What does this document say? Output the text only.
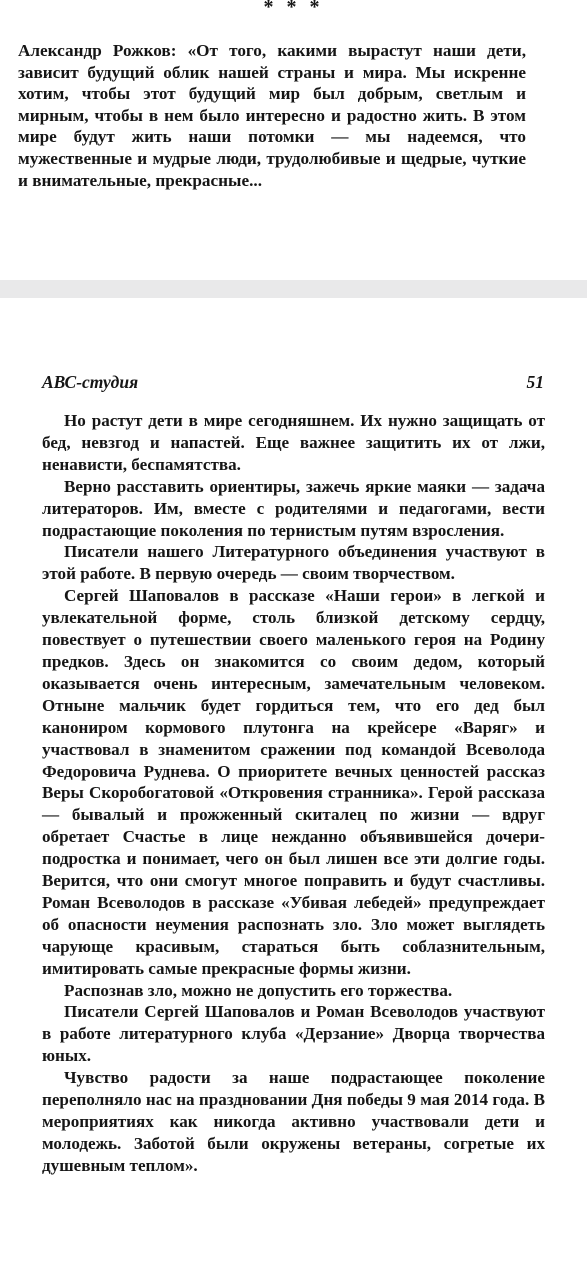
* * *

Александр Рожков: «От того, какими вырастут наши дети, зависит будущий облик нашей страны и мира. Мы искренне хотим, чтобы этот будущий мир был добрым, светлым и мирным, чтобы в нем было интересно и радостно жить. В этом мире будут жить наши потомки — мы надеемся, что мужественные и мудрые люди, трудолюбивые и щедрые, чуткие и внимательные, прекрасные...

АВС-студия	51

Но растут дети в мире сегодняшнем. Их нужно защищать от бед, невзгод и напастей. Еще важнее защитить их от лжи, ненависти, беспамятства.

Верно расставить ориентиры, зажечь яркие маяки — задача литераторов. Им, вместе с родителями и педагогами, вести подрастающие поколения по тернистым путям взросления.

Писатели нашего Литературного объединения участвуют в этой работе. В первую очередь — своим творчеством.

Сергей Шаповалов в рассказе «Наши герои» в легкой и увлекательной форме, столь близкой детскому сердцу, повествует о путешествии своего маленького героя на Родину предков. Здесь он знакомится со своим дедом, который оказывается очень интересным, замечательным человеком. Отныне мальчик будет гордиться тем, что его дед был канониром кормового плутонга на крейсере «Варяг» и участвовал в знаменитом сражении под командой Всеволода Федоровича Руднева. О приоритете вечных ценностей рассказ Веры Скоробогатовой «Откровения странника». Герой рассказа — бывалый и прожженный скиталец по жизни — вдруг обретает Счастье в лице нежданно объявившейся дочери-подростка и понимает, чего он был лишен все эти долгие годы. Верится, что они смогут многое поправить и будут счастливы. Роман Всеволодов в рассказе «Убивая лебедей» предупреждает об опасности неумения распознать зло. Зло может выглядеть чарующе красивым, стараться быть соблазнительным, имитировать самые прекрасные формы жизни.

Распознав зло, можно не допустить его торжества.

Писатели Сергей Шаповалов и Роман Всеволодов участвуют в работе литературного клуба «Дерзание» Дворца творчества юных.

Чувство радости за наше подрастающее поколение переполняло нас на праздновании Дня победы 9 мая 2014 года. В мероприятиях как никогда активно участвовали дети и молодежь. Заботой были окружены ветераны, согретые их душевным теплом».
